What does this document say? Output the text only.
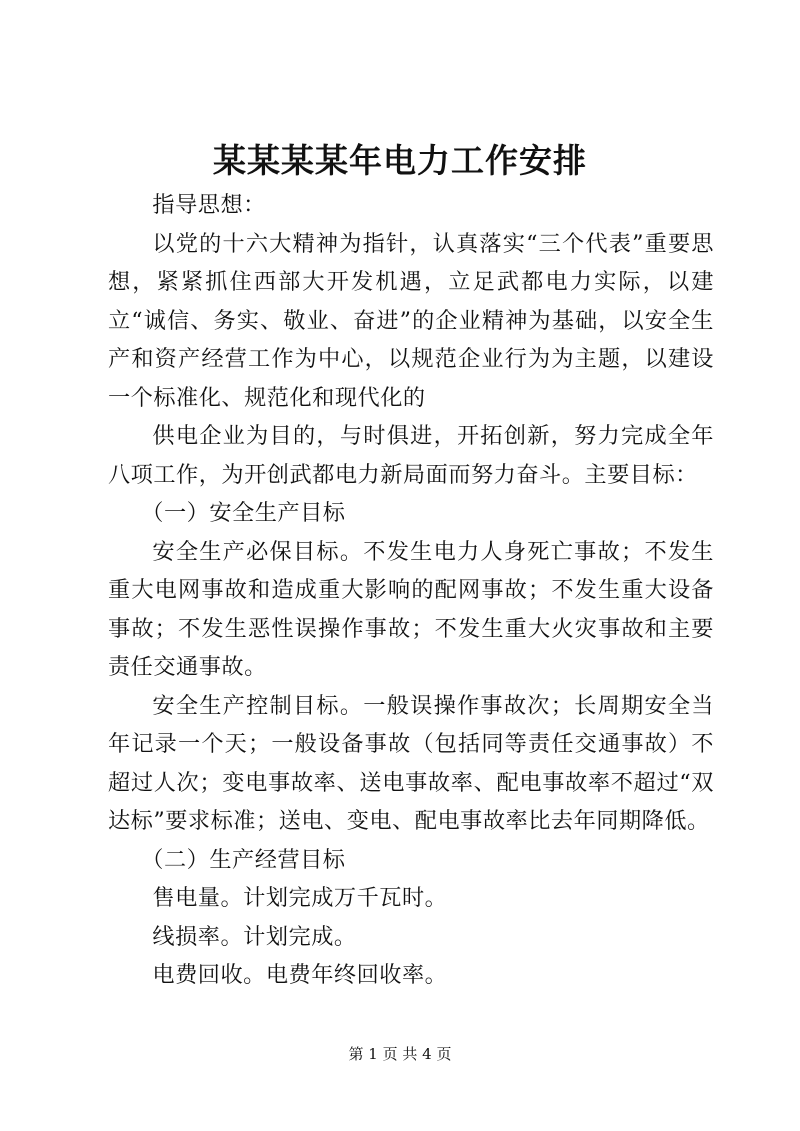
某某某某年电力工作安排

指导思想：

以党的十六大精神为指针，认真落实“三个代表”重要思想，紧紧抓住西部大开发机遇，立足武都电力实际，以建立“诚信、务实、敬业、奋进”的企业精神为基础，以安全生产和资产经营工作为中心，以规范企业行为为主题，以建设一个标准化、规范化和现代化的

供电企业为目的，与时俱进，开拓创新，努力完成全年八项工作，为开创武都电力新局面而努力奋斗。主要目标：

（一）安全生产目标

安全生产必保目标。不发生电力人身死亡事故；不发生重大电网事故和造成重大影响的配网事故；不发生重大设备事故；不发生恶性误操作事故；不发生重大火灾事故和主要责任交通事故。

安全生产控制目标。一般误操作事故次；长周期安全当年记录一个天；一般设备事故（包括同等责任交通事故）不超过人次；变电事故率、送电事故率、配电事故率不超过“双达标”要求标准；送电、变电、配电事故率比去年同期降低。

（二）生产经营目标

售电量。计划完成万千瓦时。

线损率。计划完成。

电费回收。电费年终回收率。

第 1 页 共 4 页
